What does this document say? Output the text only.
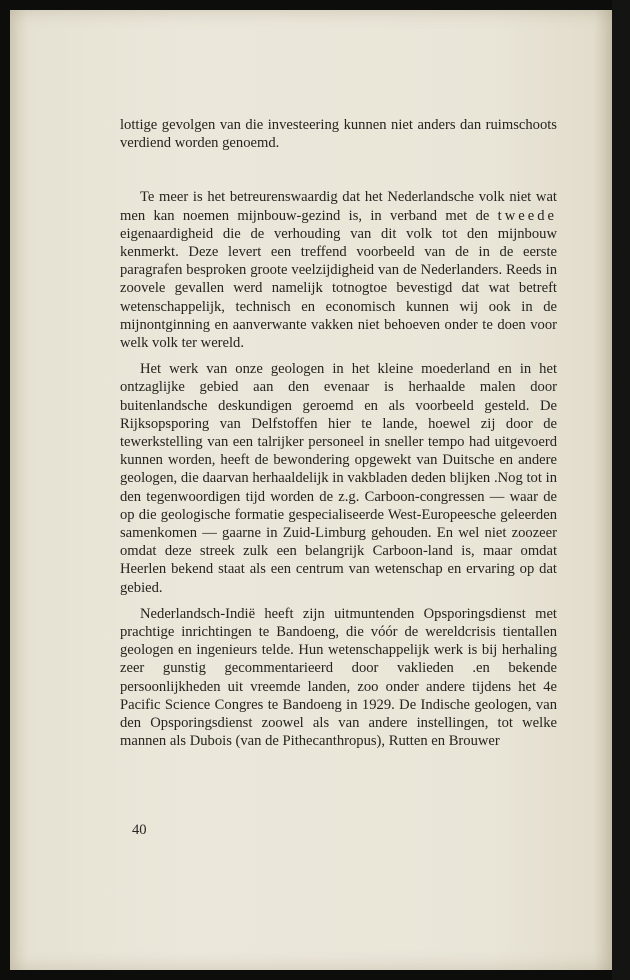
lottige gevolgen van die investeering kunnen niet anders dan ruimschoots verdiend worden genoemd.

Te meer is het betreurenswaardig dat het Nederlandsche volk niet wat men kan noemen mijnbouw-gezind is, in verband met de tweede eigenaardigheid die de verhouding van dit volk tot den mijnbouw kenmerkt. Deze levert een treffend voorbeeld van de in de eerste paragrafen besproken groote veelzijdigheid van de Nederlanders. Reeds in zoovele gevallen werd namelijk totnogtoe bevestigd dat wat betreft wetenschappelijk, technisch en economisch kunnen wij ook in de mijnontginning en aanverwante vakken niet behoeven onder te doen voor welk volk ter wereld.

Het werk van onze geologen in het kleine moederland en in het ontzaglijke gebied aan den evenaar is herhaalde malen door buitenlandsche deskundigen geroemd en als voorbeeld gesteld. De Rijksopsporing van Delfstoffen hier te lande, hoewel zij door de tewerkstelling van een talrijker personeel in sneller tempo had uitgevoerd kunnen worden, heeft de bewondering opgewekt van Duitsche en andere geologen, die daarvan herhaaldelijk in vakbladen deden blijken .Nog tot in den tegenwoordigen tijd worden de z.g. Carboon-congressen — waar de op die geologische formatie gespecialiseerde West-Europeesche geleerden samenkomen — gaarne in Zuid-Limburg gehouden. En wel niet zoozeer omdat deze streek zulk een belangrijk Carboon-land is, maar omdat Heerlen bekend staat als een centrum van wetenschap en ervaring op dat gebied.

Nederlandsch-Indië heeft zijn uitmuntenden Opsporingsdienst met prachtige inrichtingen te Bandoeng, die vóór de wereldcrisis tientallen geologen en ingenieurs telde. Hun wetenschappelijk werk is bij herhaling zeer gunstig gecommentarieerd door vaklieden .en bekende persoonlijkheden uit vreemde landen, zoo onder andere tijdens het 4e Pacific Science Congres te Bandoeng in 1929. De Indische geologen, van den Opsporingsdienst zoowel als van andere instellingen, tot welke mannen als Dubois (van de Pithecanthropus), Rutten en Brouwer

40
